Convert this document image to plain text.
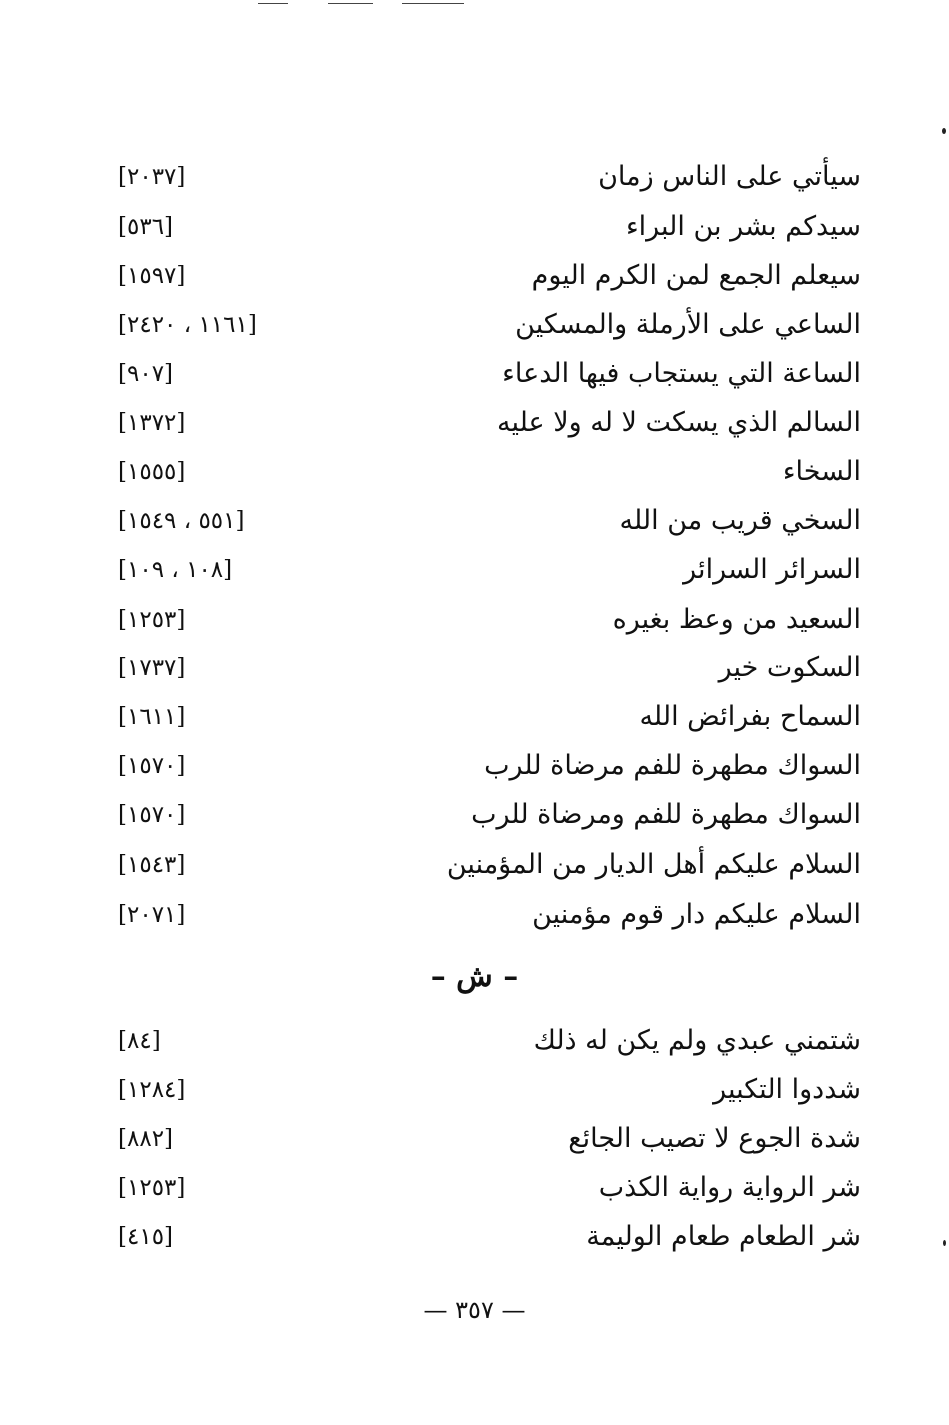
سيأتي على الناس زمان
[٢٠٣٧]
سيدكم بشر بن البراء
[٥٣٦]
سيعلم الجمع لمن الكرم اليوم
[١٥٩٧]
الساعي على الأرملة والمسكين
[١١٦١ ، ٢٤٢٠]
الساعة التي يستجاب فيها الدعاء
[٩٠٧]
السالم الذي يسكت لا له ولا عليه
[١٣٧٢]
السخاء
[١٥٥٥]
السخي قريب من الله
[٥٥١ ، ١٥٤٩]
السرائر السرائر
[١٠٨ ، ١٠٩]
السعيد من وعظ بغيره
[١٢٥٣]
السكوت خير
[١٧٣٧]
السماح بفرائض الله
[١٦١١]
السواك مطهرة للفم مرضاة للرب
[١٥٧٠]
السواك مطهرة للفم ومرضاة للرب
[١٥٧٠]
السلام عليكم أهل الديار من المؤمنين
[١٥٤٣]
السلام عليكم دار قوم مؤمنين
[٢٠٧١]
– ش –
شتمني عبدي ولم يكن له ذلك
[٨٤]
شددوا التكبير
[١٢٨٤]
شدة الجوع لا تصيب الجائع
[٨٨٢]
شر الرواية رواية الكذب
[١٢٥٣]
شر الطعام طعام الوليمة
[٤١٥]
— ٣٥٧ —
